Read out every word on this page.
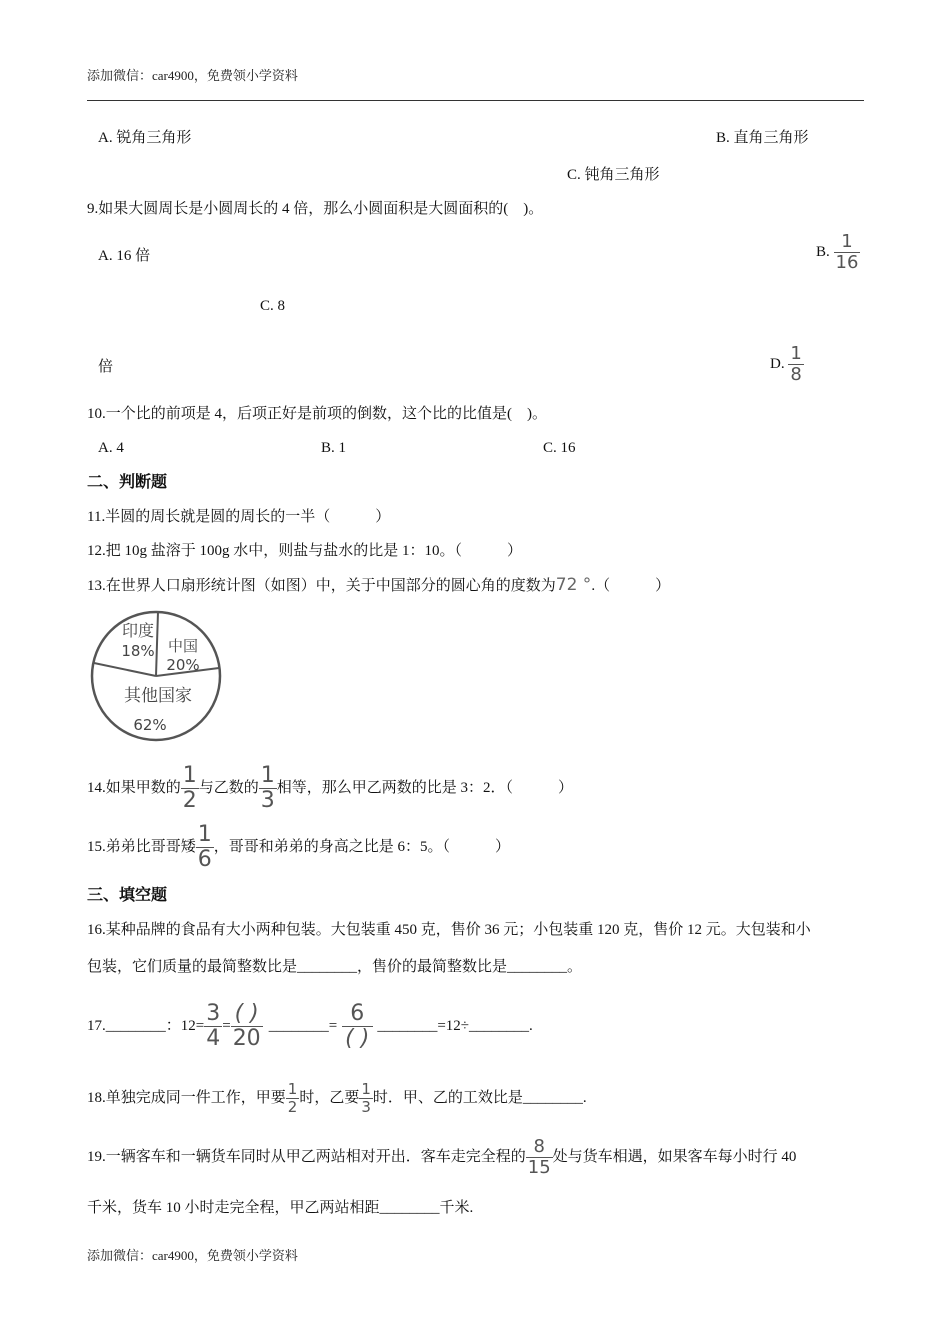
添加微信：car4900，免费领小学资料
A. 锐角三角形	B. 直角三角形
C. 钝角三角形
9.如果大圆周长是小圆周长的 4 倍，那么小圆面积是大圆面积的(　)。
A. 16 倍	B. $\frac{1}{16}$
C. 8
倍	D. $\frac{1}{8}$
10.一个比的前项是 4，后项正好是前项的倒数，这个比的比值是(　)。
A. 4	B. 1	C. 16
二、判断题
11.半圆的周长就是圆的周长的一半（　　　）
12.把 10g 盐溶于 100g 水中，则盐与盐水的比是 1：10。（　　　）
13.在世界人口扇形统计图（如图）中，关于中国部分的圆心角的度数为72 °.（　　　）
印度
18% 中国
20%
其他国家
62%
14.如果甲数的 $\frac{1}{2}$ 与乙数的 $\frac{1}{3}$ 相等，那么甲乙两数的比是 3：2．（　　　）
15.弟弟比哥哥矮 $\frac{1}{6}$ ，哥哥和弟弟的身高之比是 6：5。（　　　）
三、填空题
16.某种品牌的食品有大小两种包装。大包装重 450 克，售价 36 元；小包装重 120 克，售价 12 元。大包装和小
包装，它们质量的最简整数比是________，售价的最简整数比是________。
17.________：$12= \frac{3}{4} = \frac{( )}{20}$ ________= $\frac{6}{( )}$ ________=12÷________.
18.单独完成同一件工作，甲要 $\frac{1}{2}$ 时，乙要 $\frac{1}{3}$ 时．甲、乙的工效比是________.
19.一辆客车和一辆货车同时从甲乙两站相对开出．客车走完全程的 $\frac{8}{15}$ 处与货车相遇，如果客车每小时行 40
千米，货车 10 小时走完全程，甲乙两站相距________千米.
添加微信：car4900，免费领小学资料
